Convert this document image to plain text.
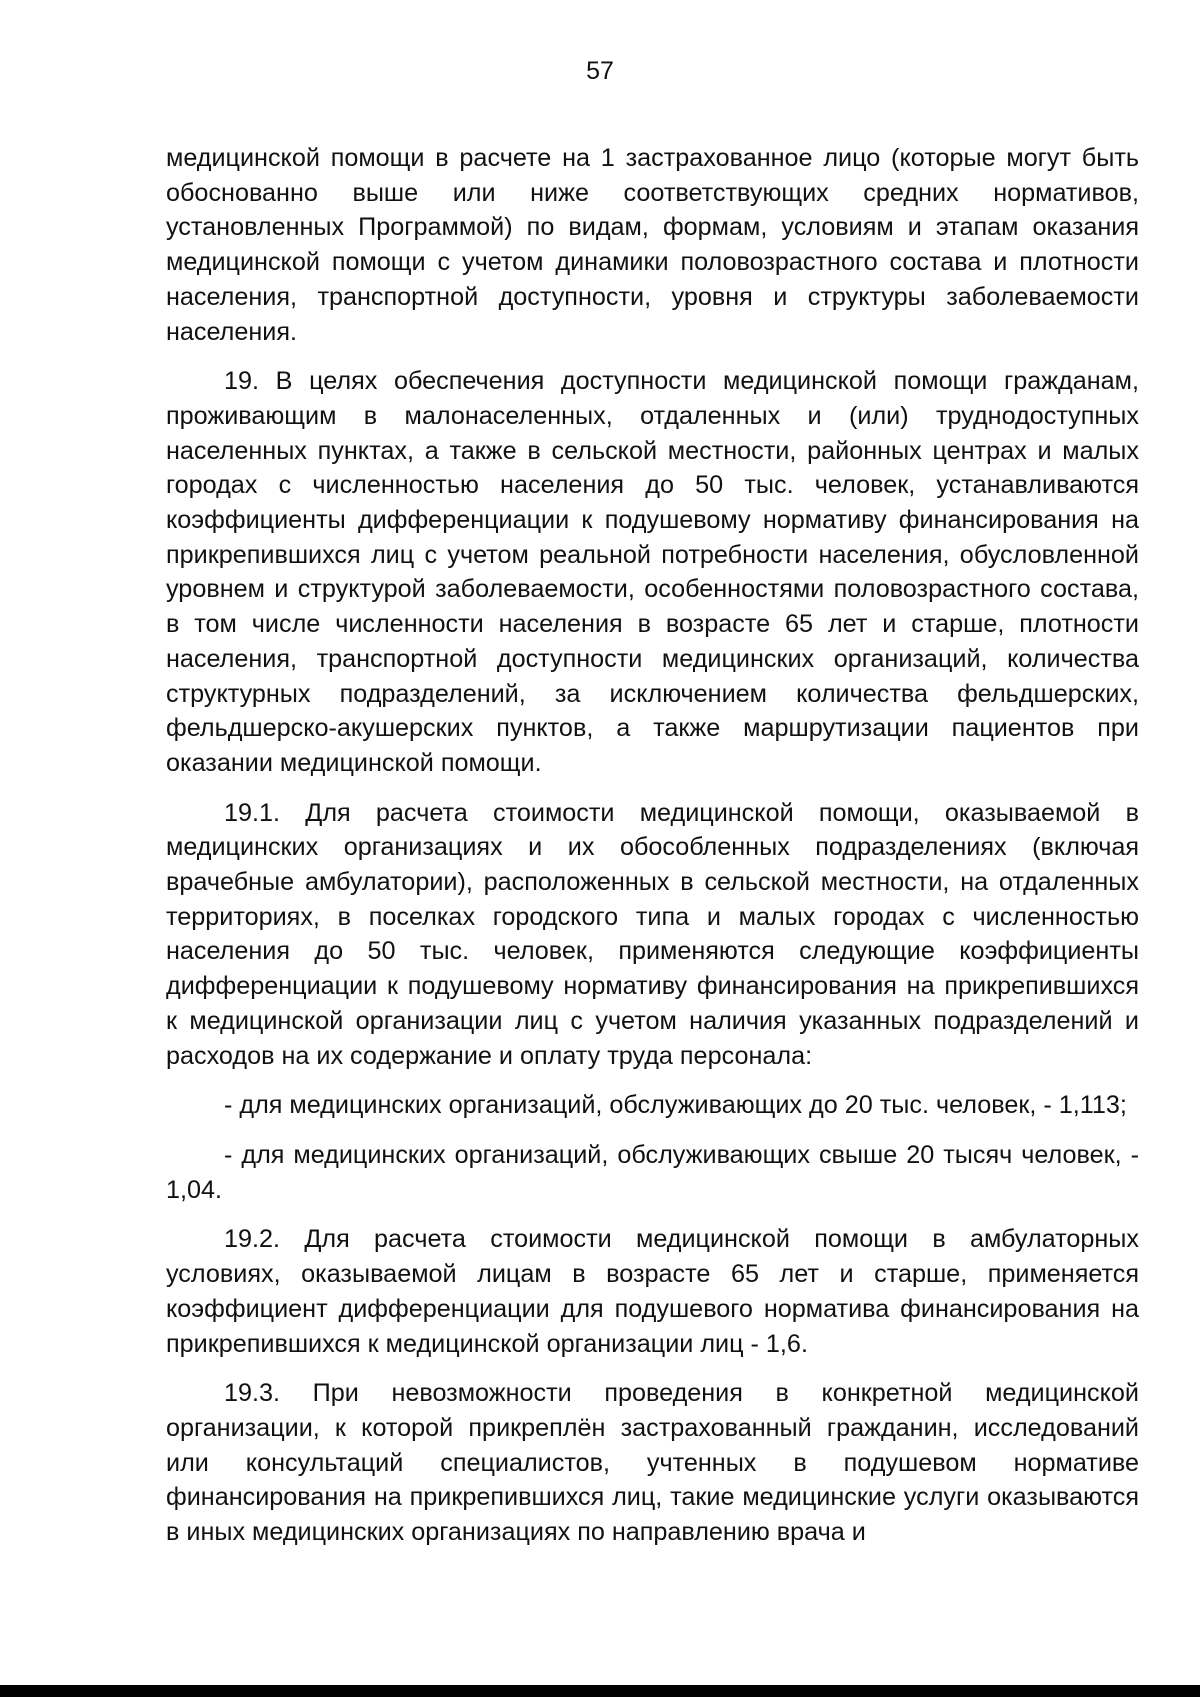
57

медицинской помощи в расчете на 1 застрахованное лицо (которые могут быть обоснованно выше или ниже соответствующих средних нормативов, установленных Программой) по видам, формам, условиям и этапам оказания медицинской помощи с учетом динамики половозрастного состава и плотности населения, транспортной доступности, уровня и структуры заболеваемости населения.

19. В целях обеспечения доступности медицинской помощи гражданам, проживающим в малонаселенных, отдаленных и (или) труднодоступных населенных пунктах, а также в сельской местности, районных центрах и малых городах с численностью населения до 50 тыс. человек, устанавливаются коэффициенты дифференциации к подушевому нормативу финансирования на прикрепившихся лиц с учетом реальной потребности населения, обусловленной уровнем и структурой заболеваемости, особенностями половозрастного состава, в том числе численности населения в возрасте 65 лет и старше, плотности населения, транспортной доступности медицинских организаций, количества структурных подразделений, за исключением количества фельдшерских, фельдшерско-акушерских пунктов, а также маршрутизации пациентов при оказании медицинской помощи.

19.1. Для расчета стоимости медицинской помощи, оказываемой в медицинских организациях и их обособленных подразделениях (включая врачебные амбулатории), расположенных в сельской местности, на отдаленных территориях, в поселках городского типа и малых городах с численностью населения до 50 тыс. человек, применяются следующие коэффициенты дифференциации к подушевому нормативу финансирования на прикрепившихся к медицинской организации лиц с учетом наличия указанных подразделений и расходов на их содержание и оплату труда персонала:

- для медицинских организаций, обслуживающих до 20 тыс. человек, - 1,113;

- для медицинских организаций, обслуживающих свыше 20 тысяч человек, - 1,04.

19.2. Для расчета стоимости медицинской помощи в амбулаторных условиях, оказываемой лицам в возрасте 65 лет и старше, применяется коэффициент дифференциации для подушевого норматива финансирования на прикрепившихся к медицинской организации лиц - 1,6.

19.3. При невозможности проведения в конкретной медицинской организации, к которой прикреплён застрахованный гражданин, исследований или консультаций специалистов, учтенных в подушевом нормативе финансирования на прикрепившихся лиц, такие медицинские услуги оказываются в иных медицинских организациях по направлению врача и
